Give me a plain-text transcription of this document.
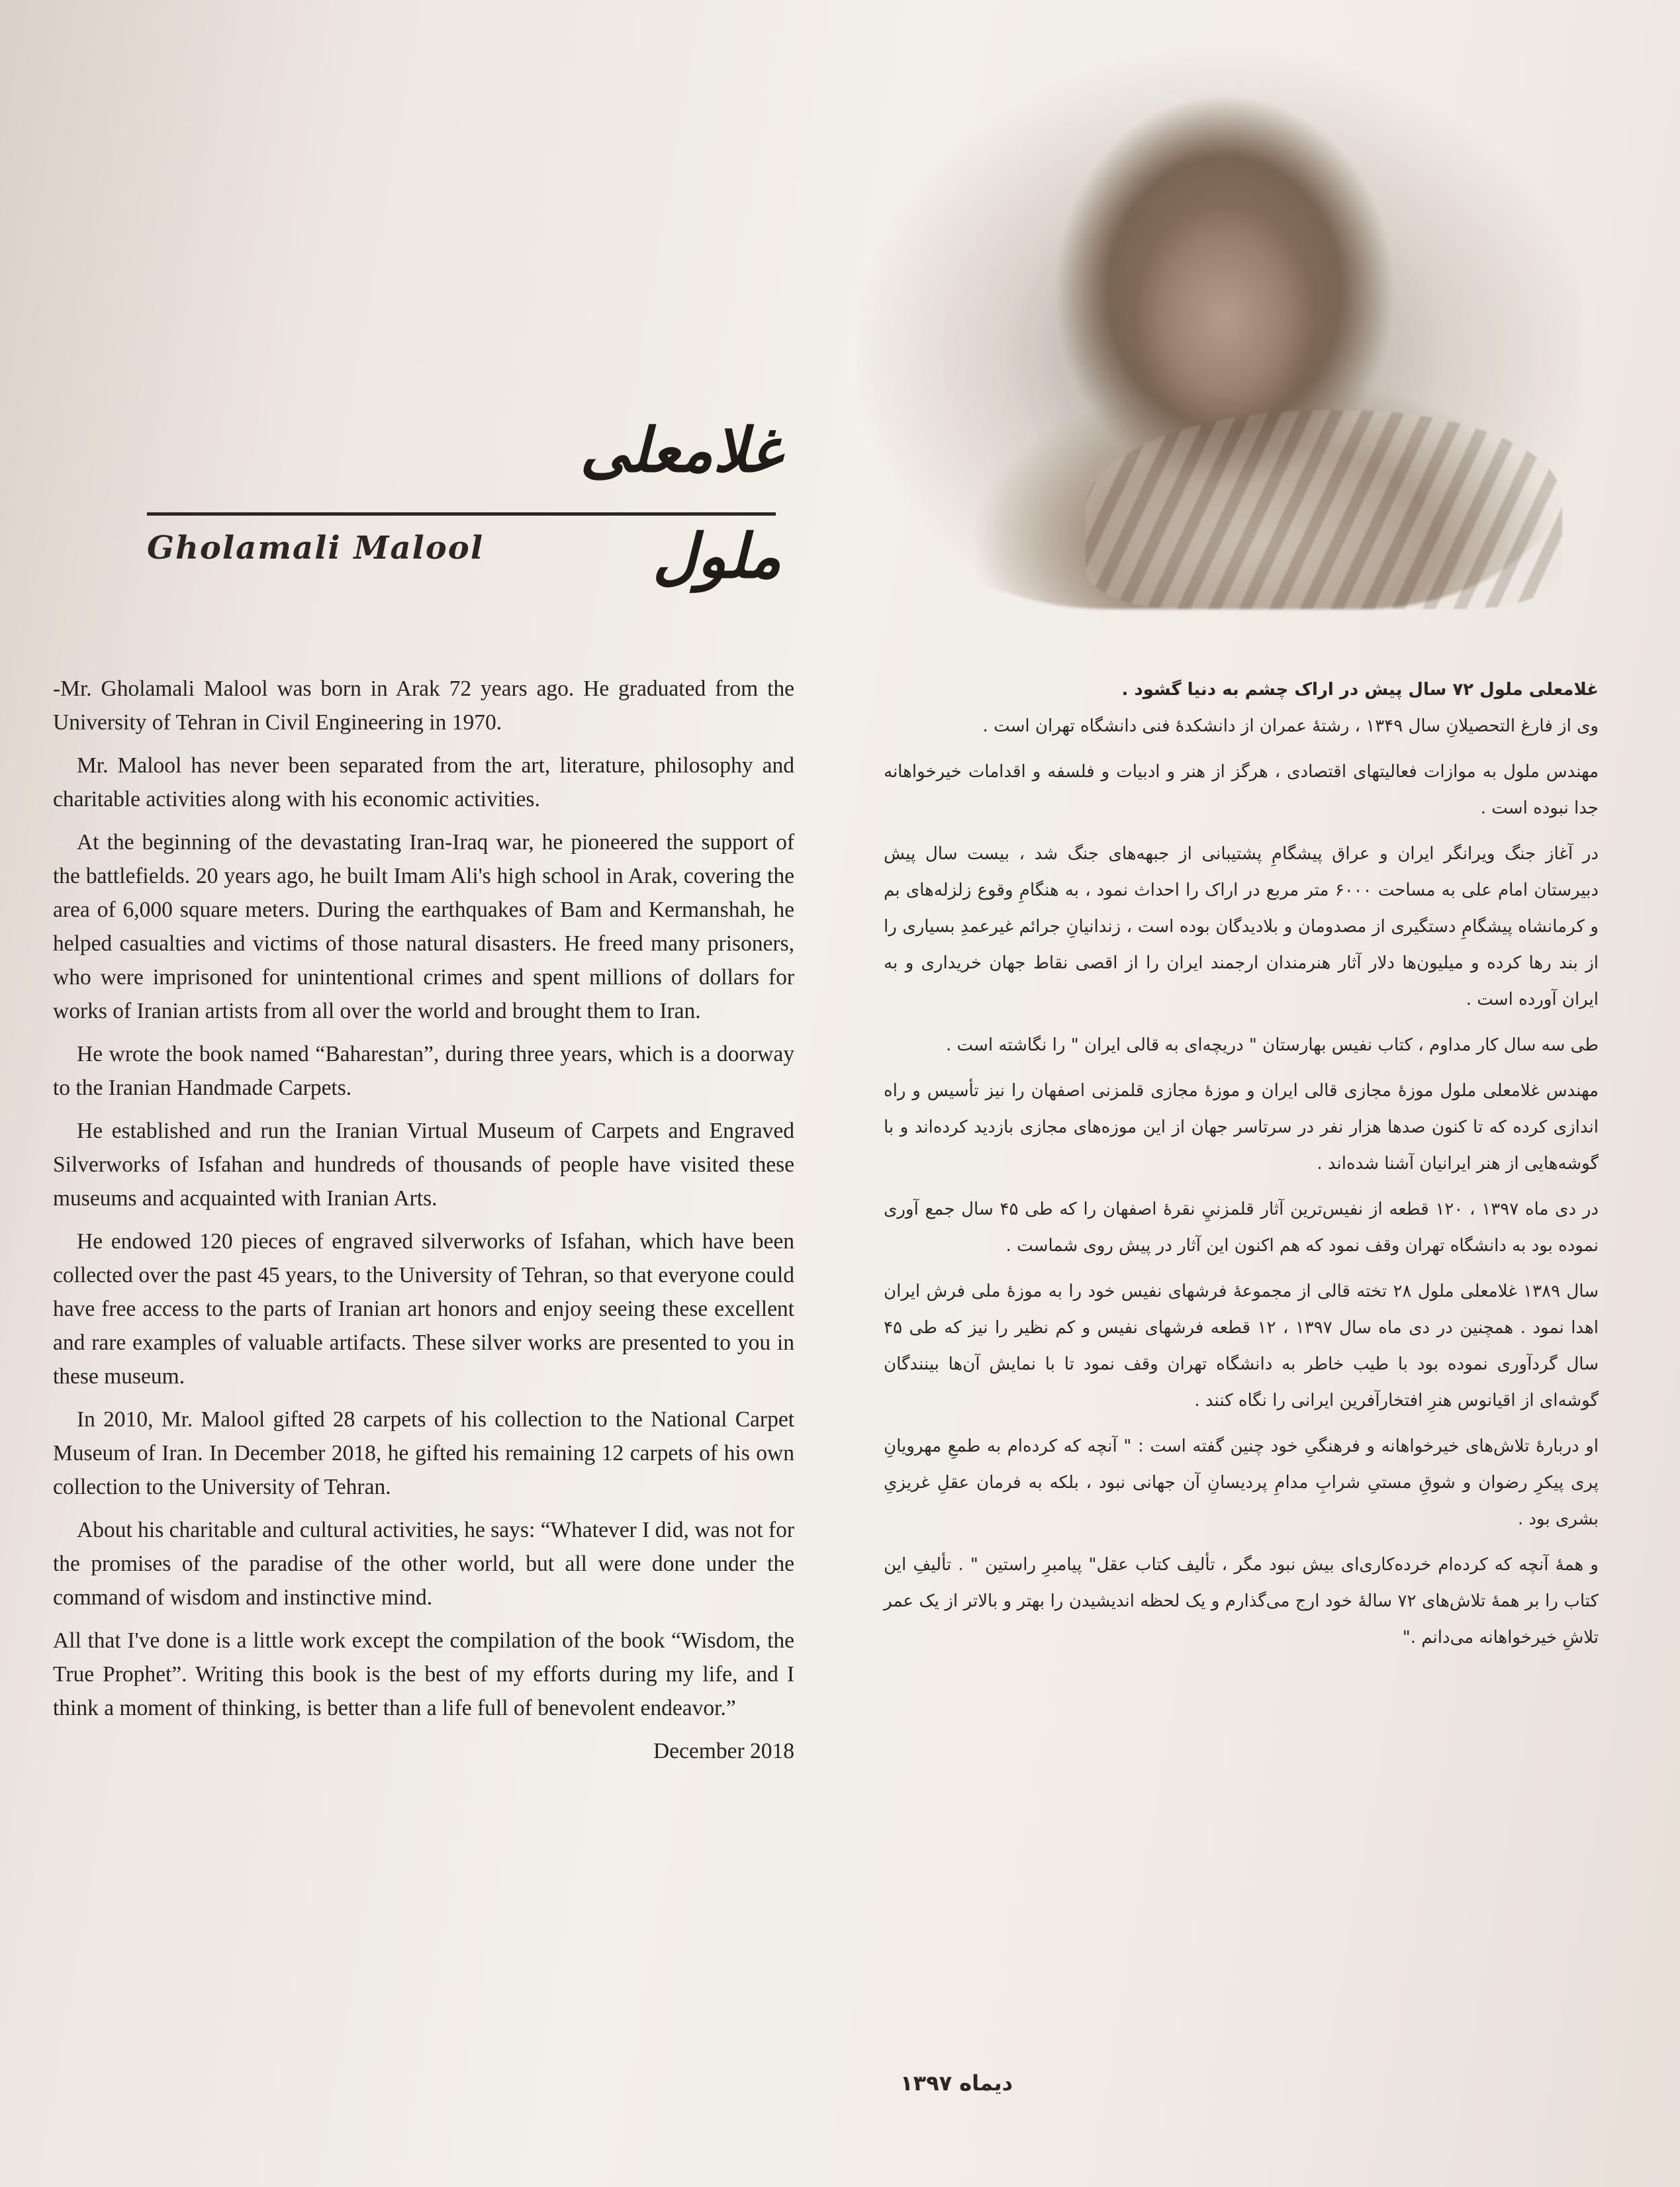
غلامعلی ملول
Gholamali Malool

-Mr. Gholamali Malool was born in Arak 72 years ago. He graduated from the University of Tehran in Civil Engineering in 1970.

Mr. Malool has never been separated from the art, literature, philosophy and charitable activities along with his economic activities.

At the beginning of the devastating Iran-Iraq war, he pioneered the support of the battlefields. 20 years ago, he built Imam Ali's high school in Arak, covering the area of 6,000 square meters. During the earthquakes of Bam and Kermanshah, he helped casualties and victims of those natural disasters. He freed many prisoners, who were imprisoned for unintentional crimes and spent millions of dollars for works of Iranian artists from all over the world and brought them to Iran.

He wrote the book named “Baharestan”, during three years, which is a doorway to the Iranian Handmade Carpets.

He established and run the Iranian Virtual Museum of Carpets and Engraved Silverworks of Isfahan and hundreds of thousands of people have visited these museums and acquainted with Iranian Arts.

He endowed 120 pieces of engraved silverworks of Isfahan, which have been collected over the past 45 years, to the University of Tehran, so that everyone could have free access to the parts of Iranian art honors and enjoy seeing these excellent and rare examples of valuable artifacts. These silver works are presented to you in these museum.

In 2010, Mr. Malool gifted 28 carpets of his collection to the National Carpet Museum of Iran. In December 2018, he gifted his remaining 12 carpets of his own collection to the University of Tehran.

About his charitable and cultural activities, he says: “Whatever I did, was not for the promises of the paradise of the other world, but all were done under the command of wisdom and instinctive mind.

All that I've done is a little work except the compilation of the book “Wisdom, the True Prophet”. Writing this book is the best of my efforts during my life, and I think a moment of thinking, is better than a life full of benevolent endeavor.”

December 2018

غلامعلی ملول ۷۲ سال پیش در اراک چشم به دنیا گشود .
وی از فارغ التحصیلانِ سال ۱۳۴۹ ، رشتهٔ عمران از دانشکدهٔ فنی دانشگاه تهران است .

مهندس ملول به موازات فعالیتهای اقتصادی ، هرگز از هنر و ادبیات و فلسفه و اقدامات خیرخواهانه جدا نبوده است .

در آغاز جنگ ویرانگر ایران و عراق پیشگامِ پشتیبانی از جبهه‌های جنگ شد ، بیست سال پیش دبیرستان امام علی به مساحت ۶۰۰۰ متر مربع در اراک را احداث نمود ، به هنگامِ وقوع زلزله‌های بم و کرمانشاه پیشگامِ دستگیری از مصدومان و بلادیدگان بوده است ، زندانیانِ جرائم غیرعمدِ بسیاری را از بند رها کرده و میلیون‌ها دلار آثار هنرمندان ارجمند ایران را از اقصی نقاط جهان خریداری و به ایران آورده است .

طی سه سال کار مداوم ، کتاب نفیس بهارستان " دریچه‌ای به قالی ایران " را نگاشته است .

مهندس غلامعلی ملول موزهٔ مجازی قالی ایران و موزهٔ مجازی قلمزنی اصفهان را نیز تأسیس و راه اندازی کرده که تا کنون صدها هزار نفر در سرتاسر جهان از این موزه‌های مجازی بازدید کرده‌اند و با گوشه‌هایی از هنر ایرانیان آشنا شده‌اند .

در دی ماه ۱۳۹۷ ، ۱۲۰ قطعه از نفیس‌ترین آثار قلمزنيِ نقرهٔ اصفهان را که طی ۴۵ سال جمع آوری نموده بود به دانشگاه تهران وقف نمود که هم اکنون این آثار در پیش روی شماست .

سال ۱۳۸۹ غلامعلی ملول ۲۸ تخته قالی از مجموعهٔ فرشهای نفیس خود را به موزهٔ ملی فرش ایران اهدا نمود . همچنین در دی ماه سال ۱۳۹۷ ، ۱۲ قطعه فرشهای نفیس و کم نظیر را نیز که طی ۴۵ سال گردآوری نموده بود با طیب خاطر به دانشگاه تهران وقف نمود تا با نمایش آن‌ها بینندگان گوشه‌ای از اقیانوس هنرِ افتخارآفرین ایرانی را نگاه کنند .

او دربارهٔ تلاش‌های خیرخواهانه و فرهنگیِ خود چنین گفته است : " آنچه که کرده‌ام به طمعِ مهرویانِ پری پیکرِ رضوان و شوقِ مستیِ شرابِ مدامِ پردیسانِ آن جهانی نبود ، بلکه به فرمان عقلِ غریزیِ بشری بود .

و همهٔ آنچه که کرده‌ام خرده‌کاری‌ای بیش نبود مگر ، تألیف کتاب عقل" پیامبرِ راستین " . تألیفِ این کتاب را بر همهٔ تلاش‌های ۷۲ سالهٔ خود ارج می‌گذارم و یک لحظه اندیشیدن را بهتر و بالاتر از یک عمر تلاشِ خیرخواهانه می‌دانم ."

دیماه ۱۳۹۷
